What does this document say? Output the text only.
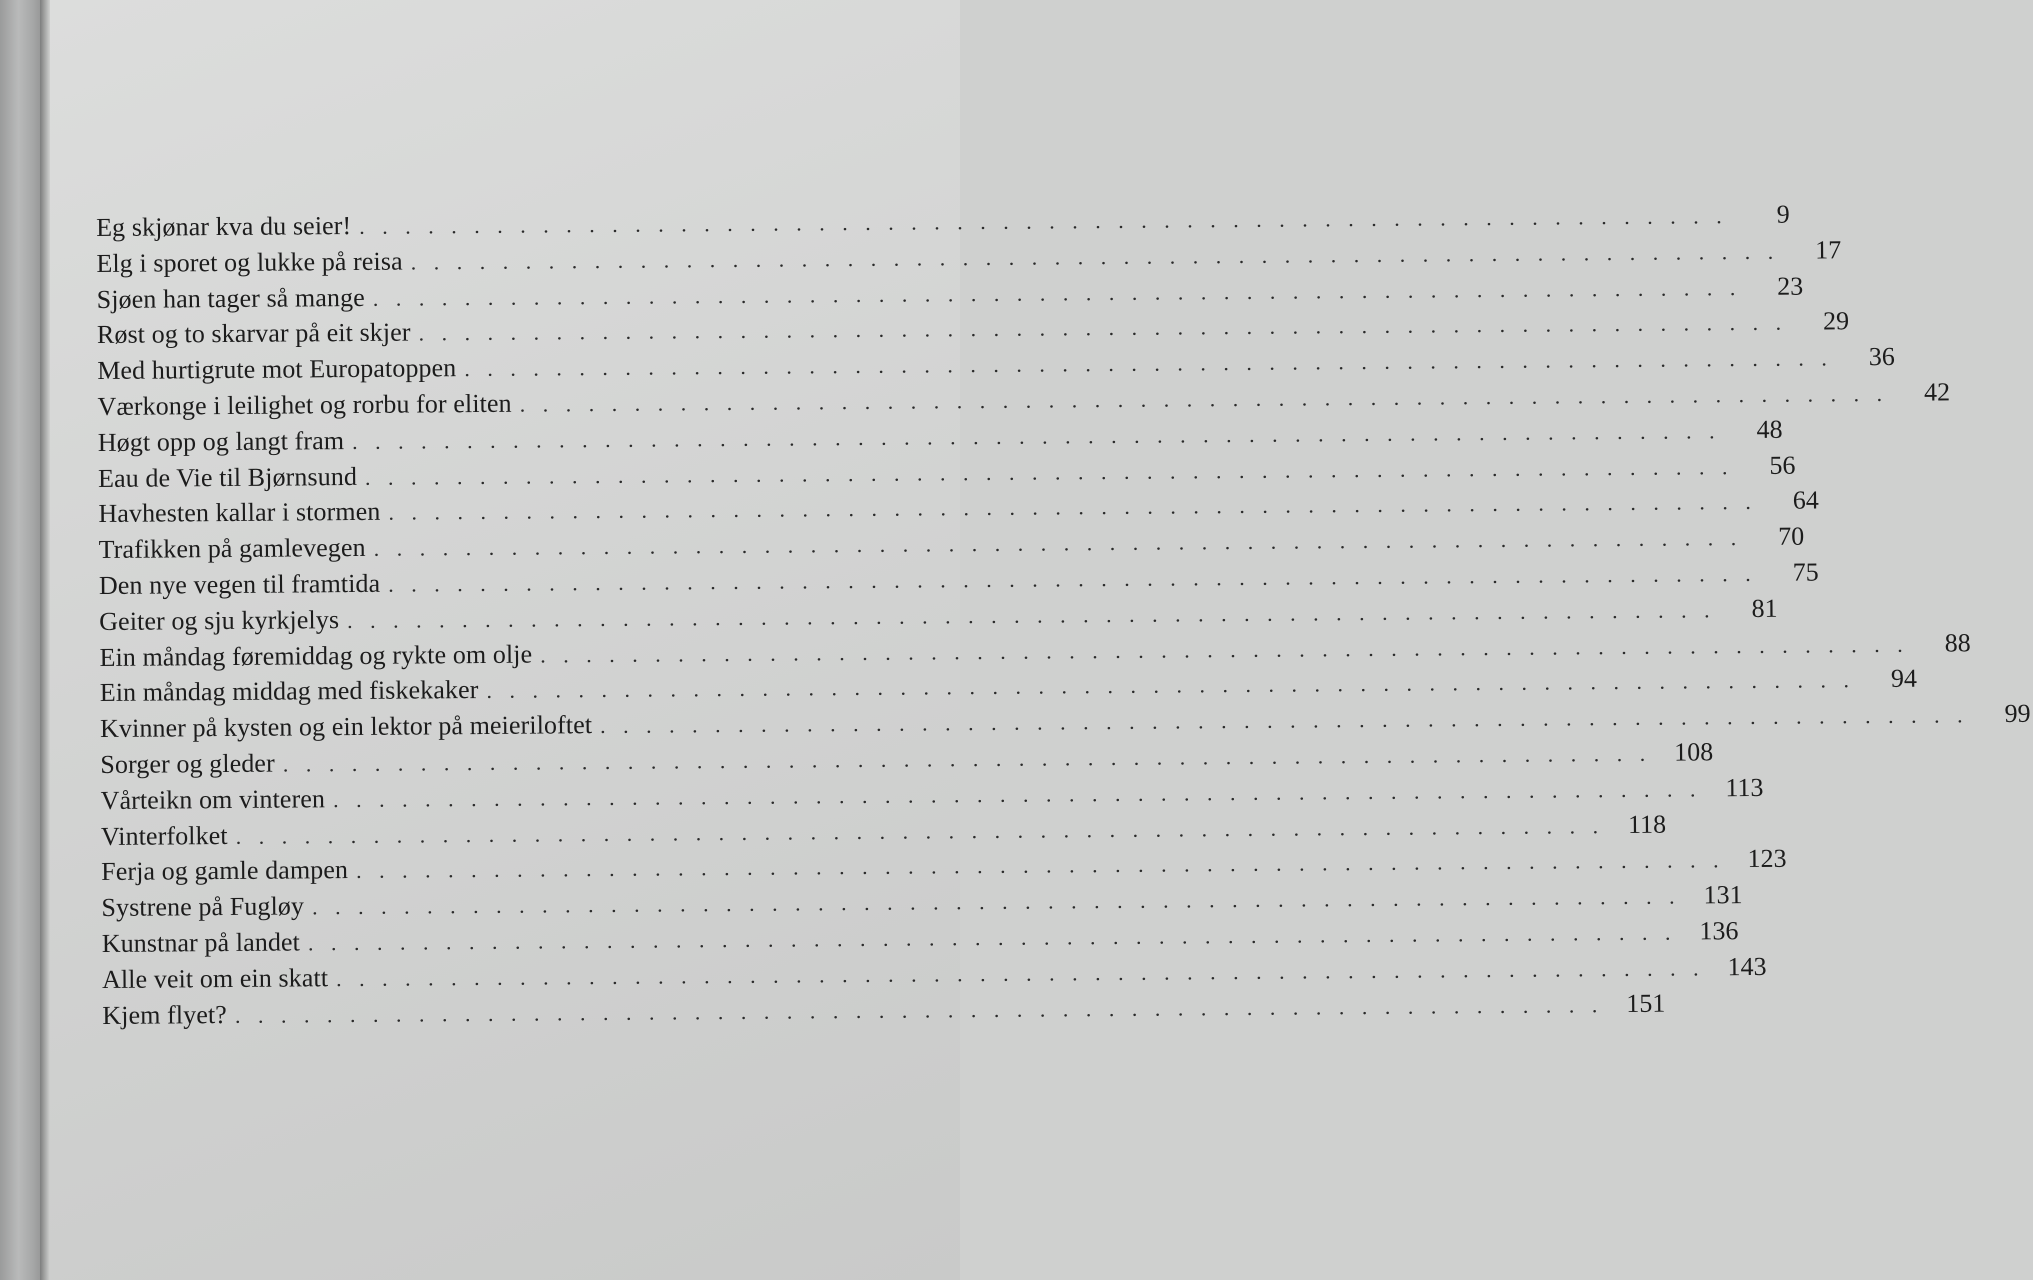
Eg skjønar kva du seier! . . . . . . . . . . . . . . . . . . . . . . . . . . . . . . . . . . . . . . . . . . . . . . . . . . . . . . . . . . . .	9
Elg i sporet og lukke på reisa . . . . . . . . . . . . . . . . . . . . . . . . . . . . . . . . . . . . . . . . . . . . . . . . . . . . . . . . . . . .	17
Sjøen han tager så mange . . . . . . . . . . . . . . . . . . . . . . . . . . . . . . . . . . . . . . . . . . . . . . . . . . . . . . . . . . . .	23
Røst og to skarvar på eit skjer . . . . . . . . . . . . . . . . . . . . . . . . . . . . . . . . . . . . . . . . . . . . . . . . . . . . . . . . . . . .	29
Med hurtigrute mot Europatoppen . . . . . . . . . . . . . . . . . . . . . . . . . . . . . . . . . . . . . . . . . . . . . . . . . . . . . . . . . . . .	36
Værkonge i leilighet og rorbu for eliten . . . . . . . . . . . . . . . . . . . . . . . . . . . . . . . . . . . . . . . . . . . . . . . . . . . . . . . . . . . .	42
Høgt opp og langt fram . . . . . . . . . . . . . . . . . . . . . . . . . . . . . . . . . . . . . . . . . . . . . . . . . . . . . . . . . . . .	48
Eau de Vie til Bjørnsund . . . . . . . . . . . . . . . . . . . . . . . . . . . . . . . . . . . . . . . . . . . . . . . . . . . . . . . . . . . .	56
Havhesten kallar i stormen . . . . . . . . . . . . . . . . . . . . . . . . . . . . . . . . . . . . . . . . . . . . . . . . . . . . . . . . . . . .	64
Trafikken på gamlevegen . . . . . . . . . . . . . . . . . . . . . . . . . . . . . . . . . . . . . . . . . . . . . . . . . . . . . . . . . . . .	70
Den nye vegen til framtida . . . . . . . . . . . . . . . . . . . . . . . . . . . . . . . . . . . . . . . . . . . . . . . . . . . . . . . . . . . .	75
Geiter og sju kyrkjelys . . . . . . . . . . . . . . . . . . . . . . . . . . . . . . . . . . . . . . . . . . . . . . . . . . . . . . . . . . . .	81
Ein måndag føremiddag og rykte om olje . . . . . . . . . . . . . . . . . . . . . . . . . . . . . . . . . . . . . . . . . . . . . . . . . . . . . . . . . . . .	88
Ein måndag middag med fiskekaker . . . . . . . . . . . . . . . . . . . . . . . . . . . . . . . . . . . . . . . . . . . . . . . . . . . . . . . . . . . .	94
Kvinner på kysten og ein lektor på meieriloftet . . . . . . . . . . . . . . . . . . . . . . . . . . . . . . . . . . . . . . . . . . . . . . . . . . . . . . . . . . . .	99
Sorger og gleder . . . . . . . . . . . . . . . . . . . . . . . . . . . . . . . . . . . . . . . . . . . . . . . . . . . . . . . . . . . . 108
Vårteikn om vinteren . . . . . . . . . . . . . . . . . . . . . . . . . . . . . . . . . . . . . . . . . . . . . . . . . . . . . . . . . . . . 113
Vinterfolket . . . . . . . . . . . . . . . . . . . . . . . . . . . . . . . . . . . . . . . . . . . . . . . . . . . . . . . . . . . . 118
Ferja og gamle dampen . . . . . . . . . . . . . . . . . . . . . . . . . . . . . . . . . . . . . . . . . . . . . . . . . . . . . . . . . . . . 123
Systrene på Fugløy . . . . . . . . . . . . . . . . . . . . . . . . . . . . . . . . . . . . . . . . . . . . . . . . . . . . . . . . . . . . 131
Kunstnar på landet . . . . . . . . . . . . . . . . . . . . . . . . . . . . . . . . . . . . . . . . . . . . . . . . . . . . . . . . . . . . 136
Alle veit om ein skatt . . . . . . . . . . . . . . . . . . . . . . . . . . . . . . . . . . . . . . . . . . . . . . . . . . . . . . . . . . . . 143
Kjem flyet? . . . . . . . . . . . . . . . . . . . . . . . . . . . . . . . . . . . . . . . . . . . . . . . . . . . . . . . . . . . . 151
